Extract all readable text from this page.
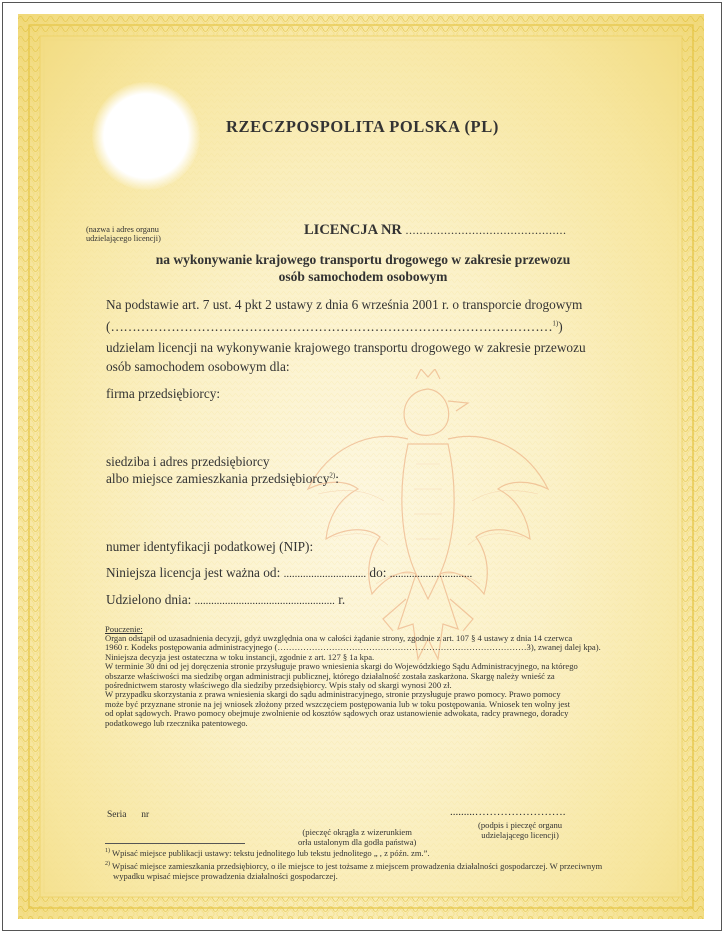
RZECZPOSPOLITA POLSKA (PL)
(nazwa i adres organu
udzielającego licencji)
LICENCJA NR ..............................................
na wykonywanie krajowego transportu drogowego w zakresie przewozu
osób samochodem osobowym
Na podstawie art. 7 ust. 4 pkt 2 ustawy z dnia 6 września 2001 r. o transporcie drogowym
(…………………………………………………………………………………………$^{1)}$)
udzielam licencji na wykonywanie krajowego transportu drogowego w zakresie przewozu
osób samochodem osobowym dla:
firma przedsiębiorcy:
siedziba i adres przedsiębiorcy
albo miejsce zamieszkania przedsiębiorcy$^{2)}$:
numer identyfikacji podatkowej (NIP):
Niniejsza licencja jest ważna od: .............................. do: ..............................
Udzielono dnia: ................................................... r.
Pouczenie:
Organ odstąpił od uzasadnienia decyzji, gdyż uwzględnia ona w całości żądanie strony, zgodnie z art. 107 § 4 ustawy z dnia 14 czerwca
1960 r. Kodeks postępowania administracyjnego (……………………………………………………………………………3), zwanej dalej kpa).
Niniejsza decyzja jest ostateczna w toku instancji, zgodnie z art. 127 § 1a kpa.
W terminie 30 dni od jej doręczenia stronie przysługuje prawo wniesienia skargi do Wojewódzkiego Sądu Administracyjnego, na którego
obszarze właściwości ma siedzibę organ administracji publicznej, którego działalność została zaskarżona. Skargę należy wnieść za
pośrednictwem starosty właściwego dla siedziby przedsiębiorcy. Wpis stały od skargi wynosi 200 zł.
W przypadku skorzystania z prawa wniesienia skargi do sądu administracyjnego, stronie przysługuje prawo pomocy. Prawo pomocy
może być przyznane stronie na jej wniosek złożony przed wszczęciem postępowania lub w toku postępowania. Wniosek ten wolny jest
od opłat sądowych. Prawo pomocy obejmuje zwolnienie od kosztów sądowych oraz ustanowienie adwokata, radcy prawnego, doradcy
podatkowego lub rzecznika patentowego.
Seria nr
(pieczęć okrągła z wizerunkiem
orła ustalonym dla godła państwa)
.........…………………….
(podpis i pieczęć organu
udzielającego licencji)
$^{1)}$ Wpisać miejsce publikacji ustawy: tekstu jednolitego lub tekstu jednolitego „ , z późn. zm.”.
$^{2)}$ Wpisać miejsce zamieszkania przedsiębiorcy, o ile miejsce to jest tożsame z miejscem prowadzenia działalności gospodarczej. W przeciwnym
wypadku wpisać miejsce prowadzenia działalności gospodarczej.
